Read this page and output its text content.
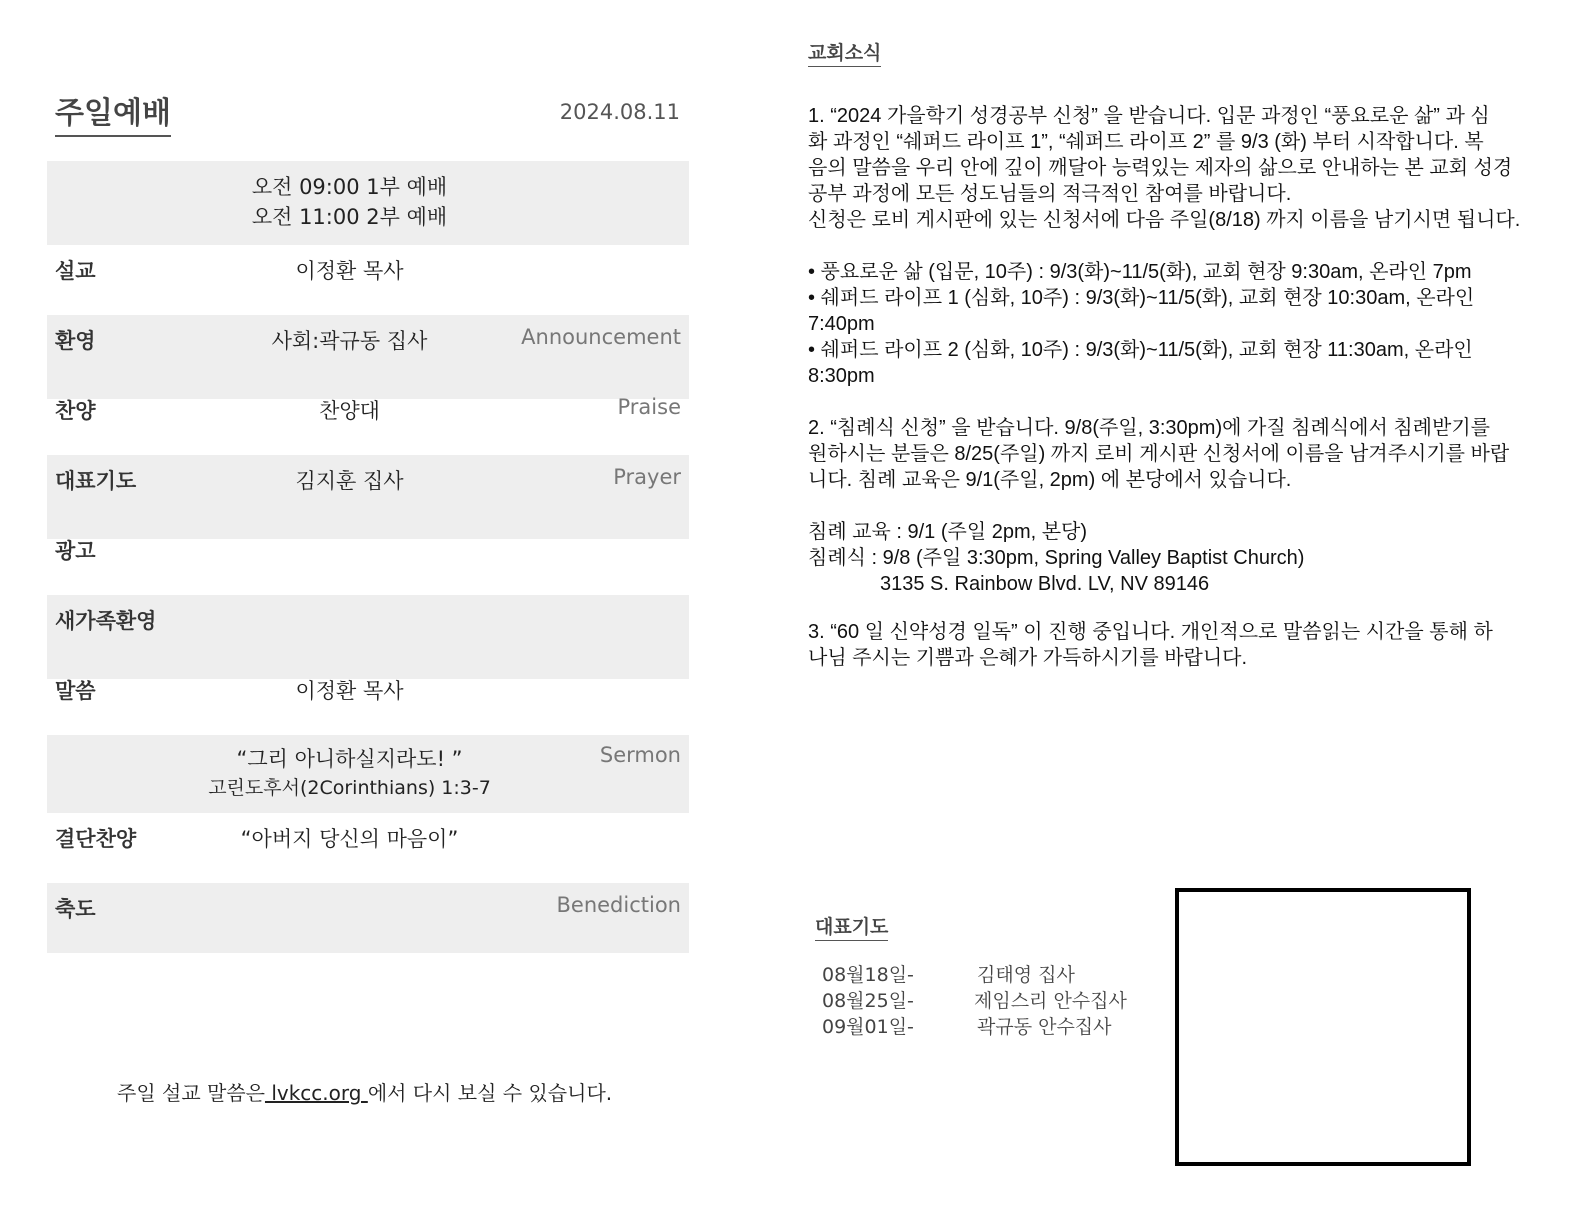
주일예배	2024.08.11
오전 09:00 1부 예배
오전 11:00 2부 예배
설교	이정환 목사
환영	사회:곽규동 집사	Announcement
찬양	찬양대	Praise
대표기도	김지훈 집사	Prayer
광고
새가족환영
말씀	이정환 목사
“그리 아니하실지라도! ”
고린도후서(2Corinthians) 1:3-7
Sermon
결단찬양	“아버지 당신의 마음이”
축도	Benediction
주일 설교 말씀은 lvkcc.org 에서 다시 보실 수 있습니다.
교회소식

1. “2024 가을학기 성경공부 신청” 을 받습니다. 입문 과정인 “풍요로운 삶” 과 심

화 과정인 “쉐퍼드 라이프 1”, “쉐퍼드 라이프 2” 를 9/3 (화) 부터 시작합니다. 복

음의 말씀을 우리 안에 깊이 깨달아 능력있는 제자의 삶으로 안내하는 본 교회 성경

공부 과정에 모든 성도님들의 적극적인 참여를 바랍니다.

신청은 로비 게시판에 있는 신청서에 다음 주일(8/18) 까지 이름을 남기시면 됩니다.

• 풍요로운 삶 (입문, 10주) : 9/3(화)~11/5(화), 교회 현장 9:30am, 온라인 7pm

• 쉐퍼드 라이프 1 (심화, 10주) : 9/3(화)~11/5(화), 교회 현장 10:30am, 온라인 7:40pm

• 쉐퍼드 라이프 2 (심화, 10주) : 9/3(화)~11/5(화), 교회 현장 11:30am, 온라인 8:30pm

2. “침례식 신청” 을 받습니다. 9/8(주일, 3:30pm)에 가질 침례식에서 침례받기를

원하시는 분들은 8/25(주일) 까지 로비 게시판 신청서에 이름을 남겨주시기를 바랍

니다. 침례 교육은 9/1(주일, 2pm) 에 본당에서 있습니다.

침례 교육 : 9/1 (주일 2pm, 본당)

침례식 : 9/8 (주일 3:30pm, Spring Valley Baptist Church)

3135 S. Rainbow Blvd. LV, NV 89146

3. “60 일 신약성경 일독” 이 진행 중입니다. 개인적으로 말씀읽는 시간을 통해 하

나님 주시는 기쁨과 은혜가 가득하시기를 바랍니다.

대표기도
08월18일-	김태영 집사
08월25일-	제임스리 안수집사
09월01일-	곽규동 안수집사
